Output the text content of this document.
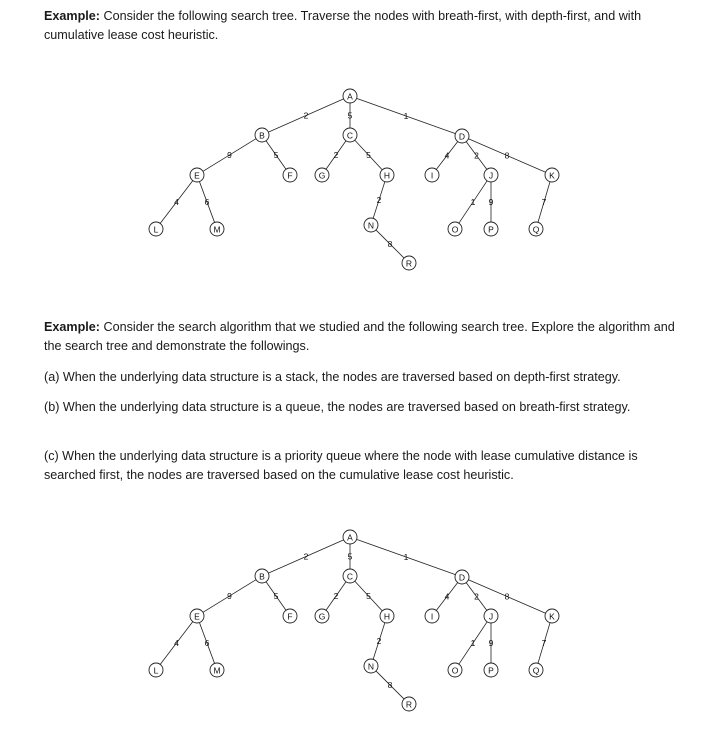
Example: Consider the following search tree. Traverse the nodes with breath-first, with depth-first, and with cumulative lease cost heuristic.

2	5	1
9	5	2	5	4	2	8
4	6	2
8
1 9	7
A
B	C	D
E	F	G	H	I	J	K
L	M	N	O	P	Q
R

Example: Consider the search algorithm that we studied and the following search tree. Explore the algorithm and the search tree and demonstrate the followings.

(a) When the underlying data structure is a stack, the nodes are traversed based on depth-first strategy.

(b) When the underlying data structure is a queue, the nodes are traversed based on breath-first strategy.

(c) When the underlying data structure is a priority queue where the node with lease cumulative distance is searched first, the nodes are traversed based on the cumulative lease cost heuristic.

2	5	1
9	5	2	5	4	2	8
4	6	2
8
1 9	7
A
B	C	D
E	F	G	H	I	J	K
L	M	N	O	P	Q
R
